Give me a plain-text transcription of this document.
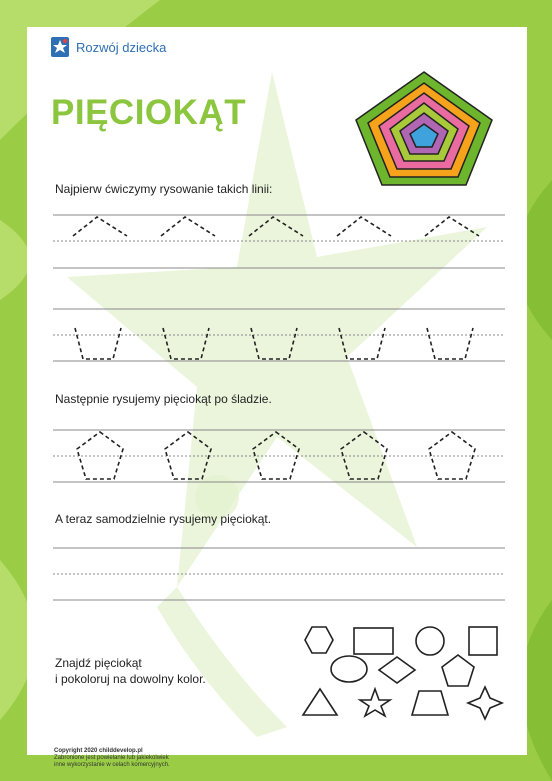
Rozwój dziecka
PIĘCIOKĄT
Najpierw ćwiczymy rysowanie takich linii:
Następnie rysujemy pięciokąt po śladzie.
A teraz samodzielnie rysujemy pięciokąt.
Znajdź pięciokąt
i pokoloruj na dowolny kolor.
Copyright 2020 childdevelop.pl
Zabronione jest powielanie lub jakiekolwiek
inne wykorzystanie w celach komercyjnych.
